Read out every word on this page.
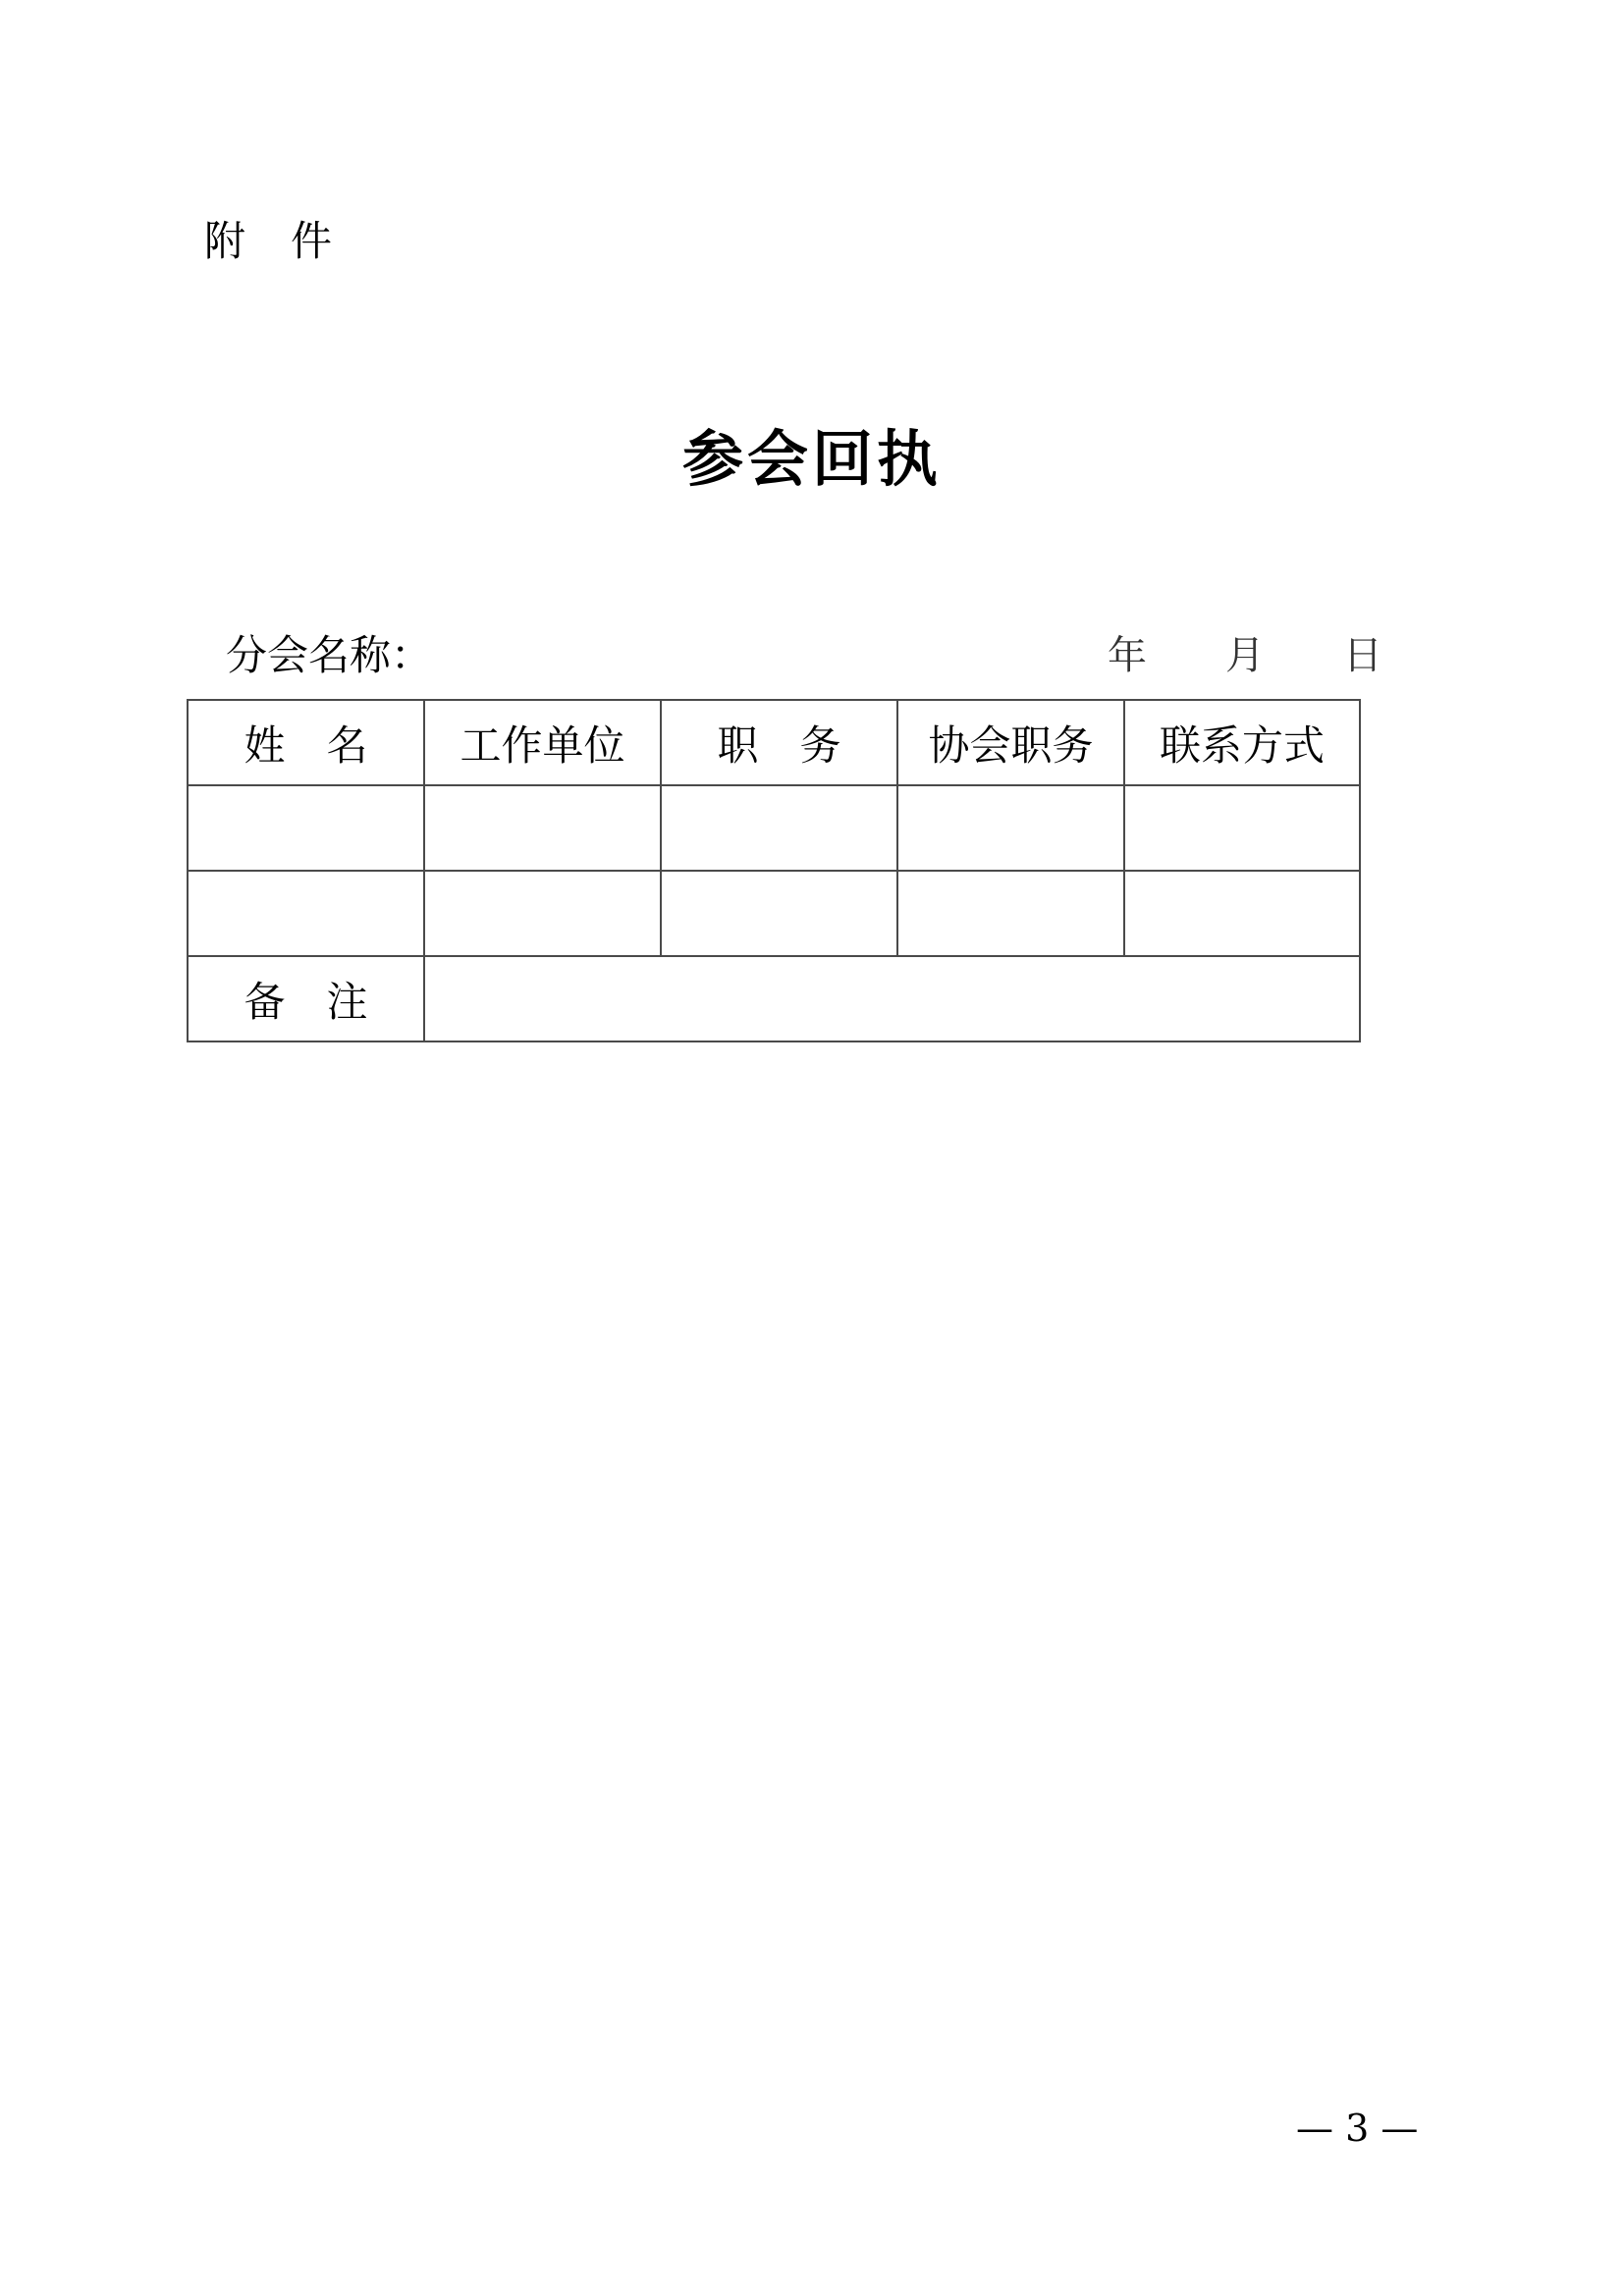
附　件
参会回执
分会名称：	年　　月　　日
姓　名	工作单位	职　务	协会职务	联系方式

备　注				
— 3 —
